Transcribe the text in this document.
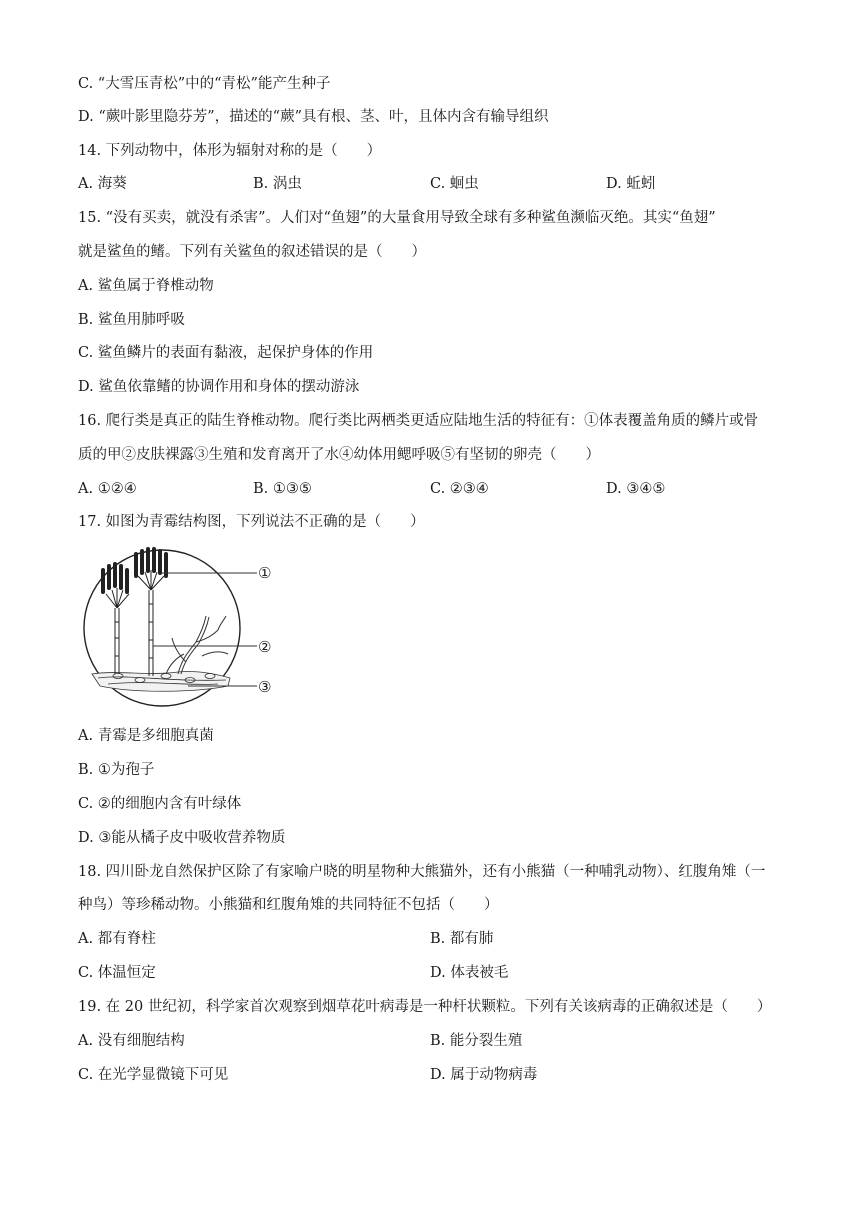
C. “大雪压青松”中的“青松”能产生种子
D. “蕨叶影里隐芬芳”，描述的“蕨”具有根、茎、叶，且体内含有输导组织
14. 下列动物中，体形为辐射对称的是（　　）
A. 海葵	B. 涡虫	C. 蛔虫	D. 蚯蚓
15. “没有买卖，就没有杀害”。人们对“鱼翅”的大量食用导致全球有多种鲨鱼濒临灭绝。其实“鱼翅”
就是鲨鱼的鳍。下列有关鲨鱼的叙述错误的是（　　）
A. 鲨鱼属于脊椎动物
B. 鲨鱼用肺呼吸
C. 鲨鱼鳞片的表面有黏液，起保护身体的作用
D. 鲨鱼依靠鳍的协调作用和身体的摆动游泳
16. 爬行类是真正的陆生脊椎动物。爬行类比两栖类更适应陆地生活的特征有：①体表覆盖角质的鳞片或骨
质的甲②皮肤裸露③生殖和发育离开了水④幼体用鳃呼吸⑤有坚韧的卵壳（　　）
A. ①②④	B. ①③⑤	C. ②③④	D. ③④⑤
17. 如图为青霉结构图，下列说法不正确的是（　　）
①
②
③
A. 青霉是多细胞真菌
B. ①为孢子
C. ②的细胞内含有叶绿体
D. ③能从橘子皮中吸收营养物质
18. 四川卧龙自然保护区除了有家喻户晓的明星物种大熊猫外，还有小熊猫（一种哺乳动物）、红腹角雉（一
种鸟）等珍稀动物。小熊猫和红腹角雉的共同特征不包括（　　）
A. 都有脊柱	B. 都有肺
C. 体温恒定	D. 体表被毛
19. 在 20 世纪初，科学家首次观察到烟草花叶病毒是一种杆状颗粒。下列有关该病毒的正确叙述是（　　）
A. 没有细胞结构	B. 能分裂生殖
C. 在光学显微镜下可见	D. 属于动物病毒
